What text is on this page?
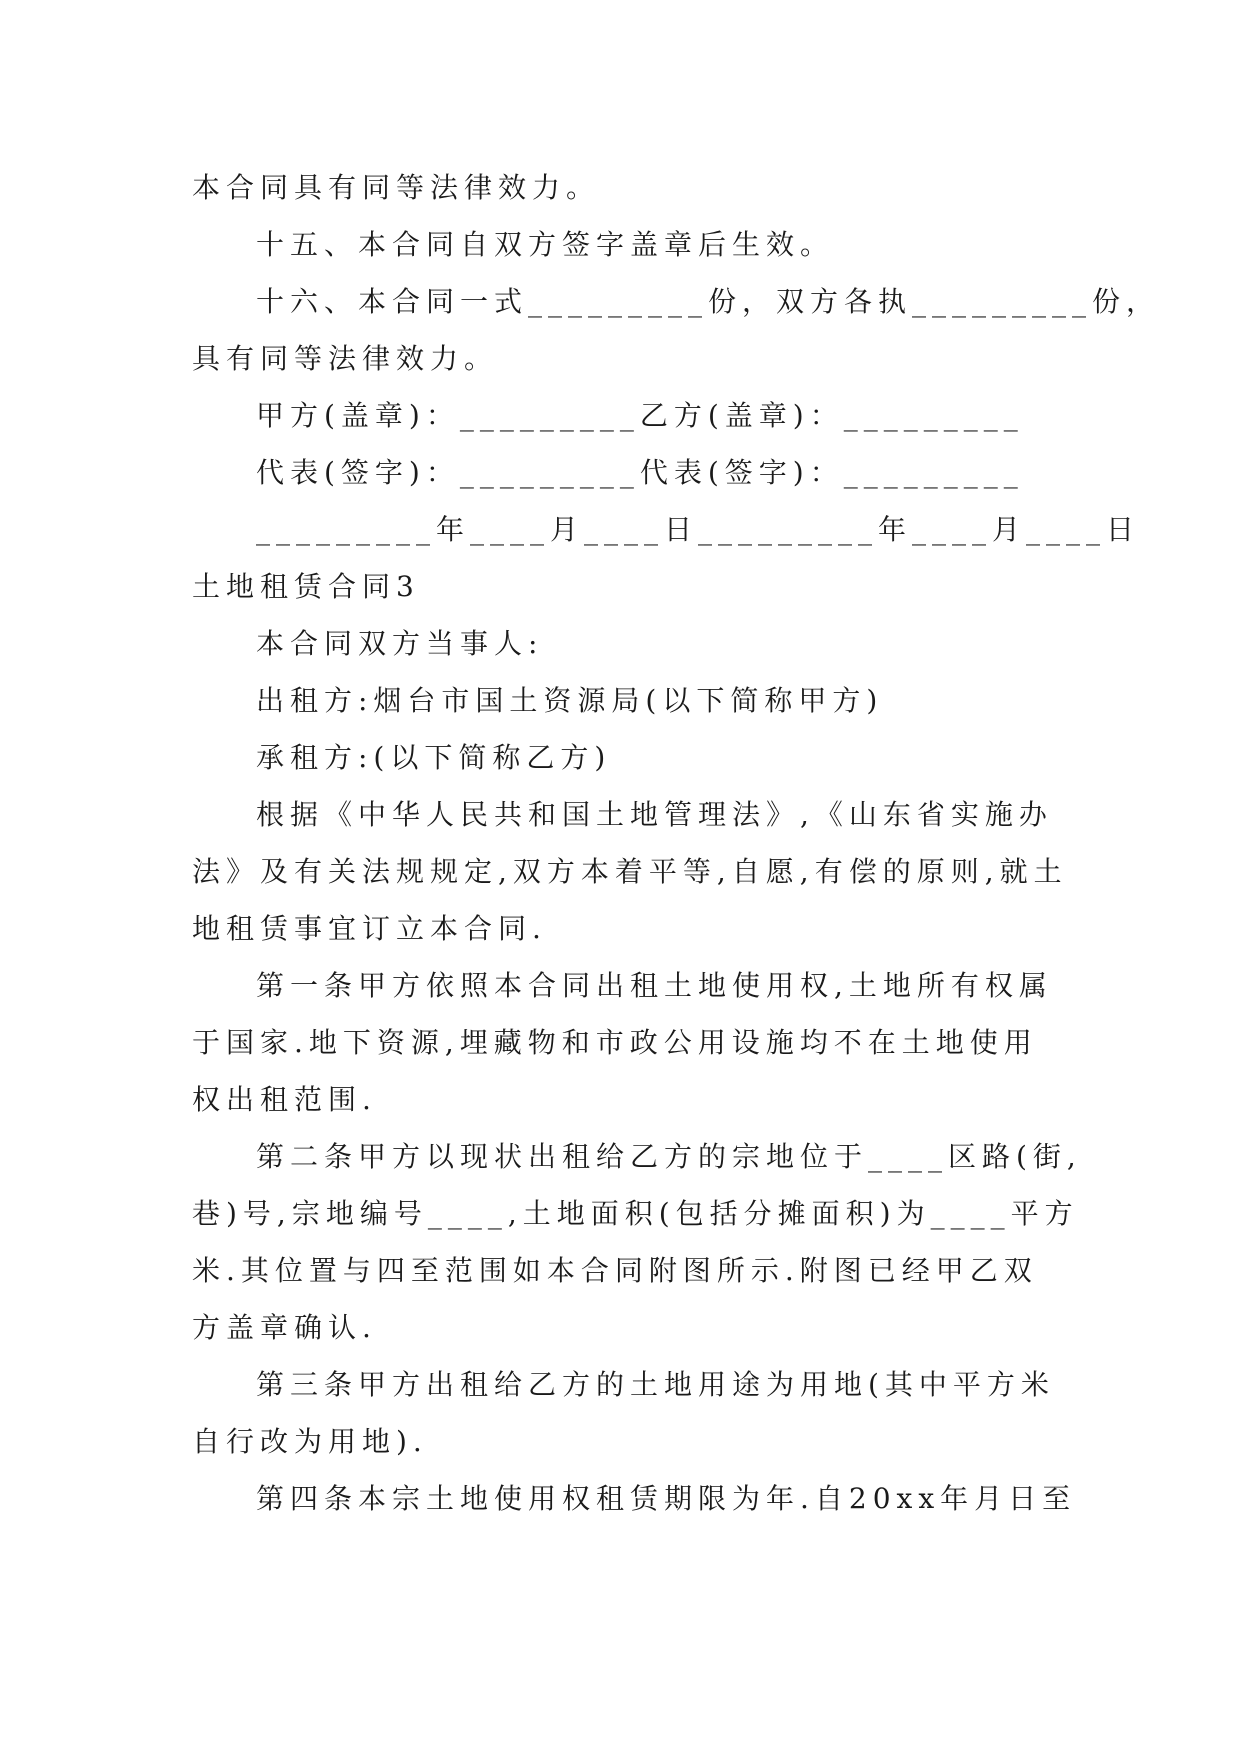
本合同具有同等法律效力。

十五、本合同自双方签字盖章后生效。

十六、本合同一式_________份，双方各执_________份，

具有同等法律效力。

甲方(盖章)：_________乙方(盖章)：_________

代表(签字)：_________代表(签字)：_________

_________年____月____日_________年____月____日

土地租赁合同3

本合同双方当事人:

出租方:烟台市国土资源局(以下简称甲方)

承租方:(以下简称乙方)

根据《中华人民共和国土地管理法》,《山东省实施办

法》及有关法规规定,双方本着平等,自愿,有偿的原则,就土

地租赁事宜订立本合同.

第一条甲方依照本合同出租土地使用权,土地所有权属

于国家.地下资源,埋藏物和市政公用设施均不在土地使用

权出租范围.

第二条甲方以现状出租给乙方的宗地位于____区路(街,

巷)号,宗地编号____,土地面积(包括分摊面积)为____平方

米.其位置与四至范围如本合同附图所示.附图已经甲乙双

方盖章确认.

第三条甲方出租给乙方的土地用途为用地(其中平方米

自行改为用地).

第四条本宗土地使用权租赁期限为年.自20xx年月日至
